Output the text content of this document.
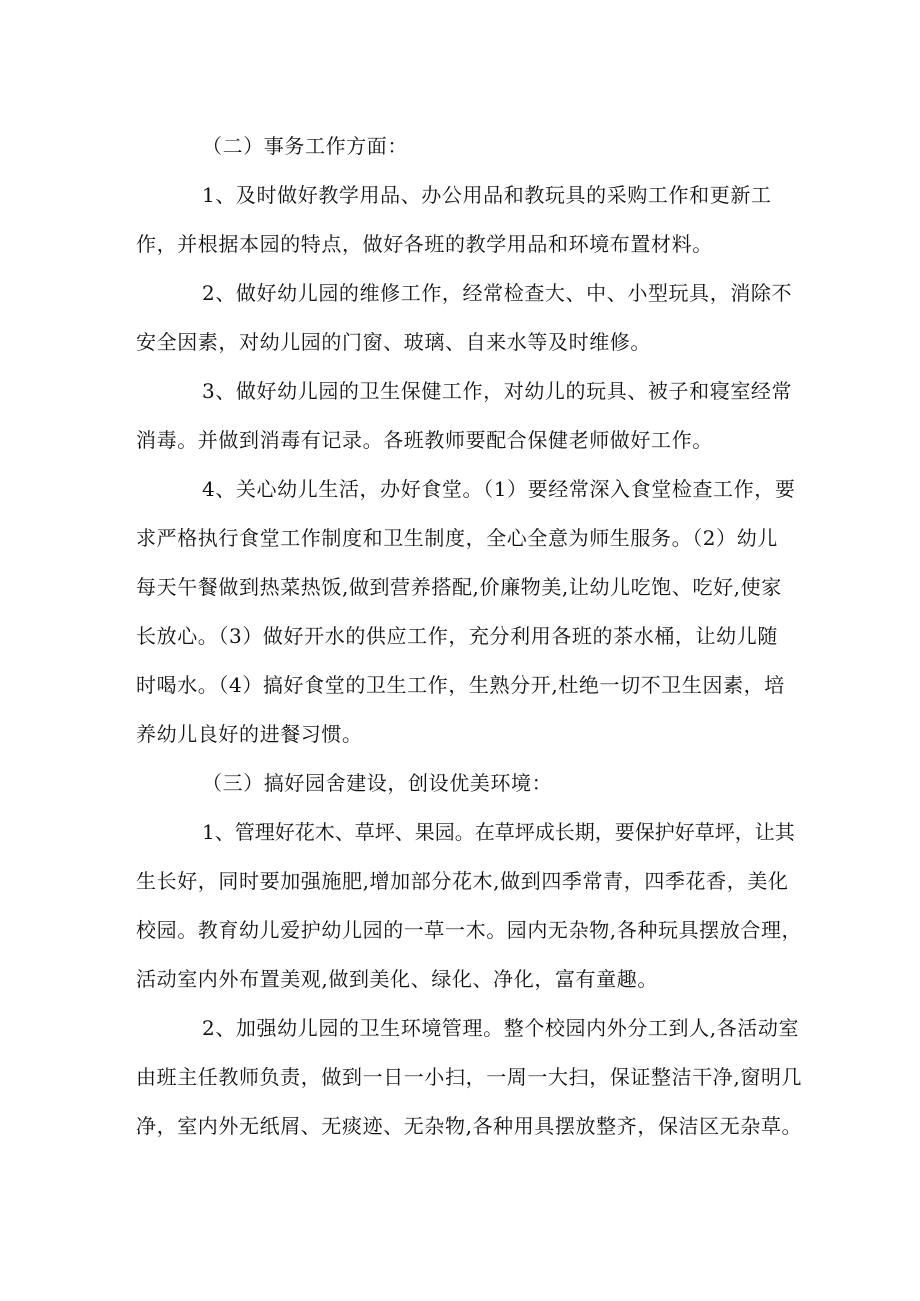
（二）事务工作方面：
1、及时做好教学用品、办公用品和教玩具的采购工作和更新工
作，并根据本园的特点，做好各班的教学用品和环境布置材料。
2、做好幼儿园的维修工作，经常检查大、中、小型玩具，消除不
安全因素，对幼儿园的门窗、玻璃、自来水等及时维修。
3、做好幼儿园的卫生保健工作，对幼儿的玩具、被子和寝室经常
消毒。并做到消毒有记录。各班教师要配合保健老师做好工作。
4、关心幼儿生活，办好食堂。（1）要经常深入食堂检查工作，要
求严格执行食堂工作制度和卫生制度，全心全意为师生服务。（2）幼儿
每天午餐做到热菜热饭,做到营养搭配,价廉物美,让幼儿吃饱、吃好,使家
长放心。（3）做好开水的供应工作，充分利用各班的茶水桶，让幼儿随
时喝水。（4）搞好食堂的卫生工作，生熟分开,杜绝一切不卫生因素，培
养幼儿良好的进餐习惯。
（三）搞好园舍建设，创设优美环境：
1、管理好花木、草坪、果园。在草坪成长期，要保护好草坪，让其
生长好，同时要加强施肥,增加部分花木,做到四季常青，四季花香，美化
校园。教育幼儿爱护幼儿园的一草一木。园内无杂物,各种玩具摆放合理，
活动室内外布置美观,做到美化、绿化、净化，富有童趣。
2、加强幼儿园的卫生环境管理。整个校园内外分工到人,各活动室
由班主任教师负责，做到一日一小扫，一周一大扫，保证整洁干净,窗明几
净，室内外无纸屑、无痰迹、无杂物,各种用具摆放整齐，保洁区无杂草。
